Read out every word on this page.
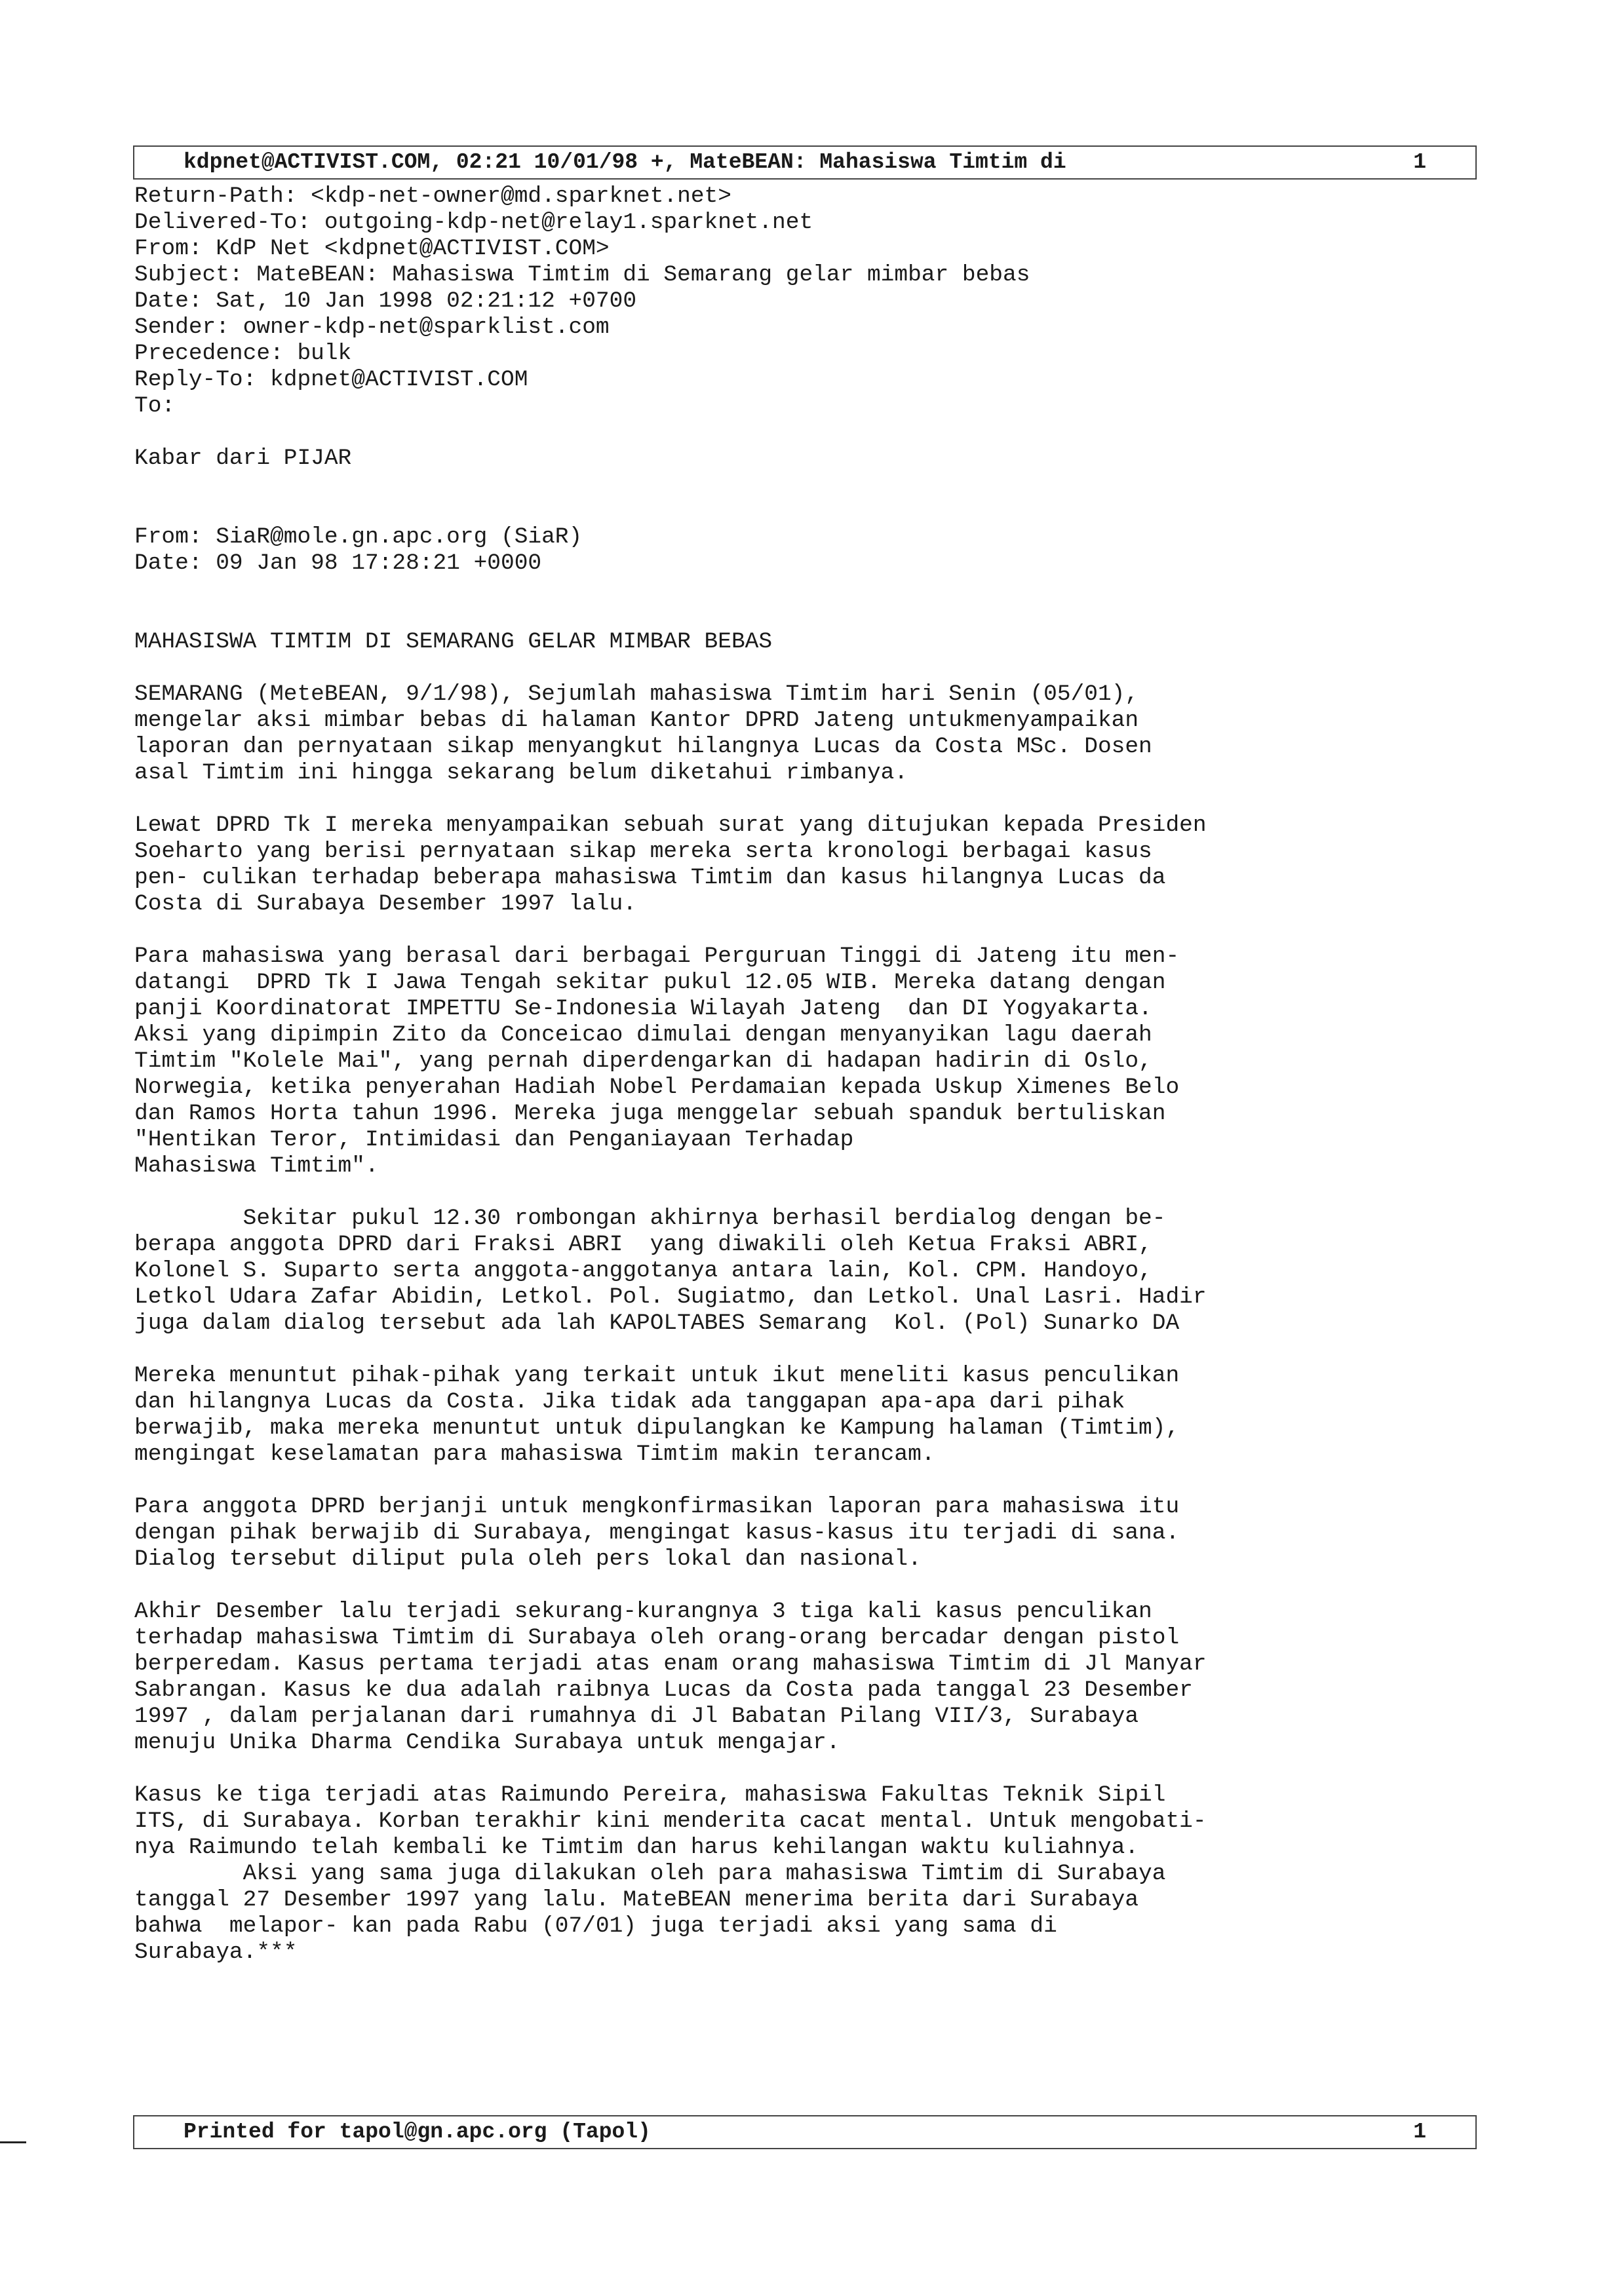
kdpnet@ACTIVIST.COM, 02:21 10/01/98 +, MateBEAN: Mahasiswa Timtim di	1
Return-Path: <kdp-net-owner@md.sparknet.net>
Delivered-To: outgoing-kdp-net@relay1.sparknet.net
From: KdP Net <kdpnet@ACTIVIST.COM>
Subject: MateBEAN: Mahasiswa Timtim di Semarang gelar mimbar bebas
Date: Sat, 10 Jan 1998 02:21:12 +0700
Sender: owner-kdp-net@sparklist.com
Precedence: bulk
Reply-To: kdpnet@ACTIVIST.COM
To:
Kabar dari PIJAR
From: SiaR@mole.gn.apc.org (SiaR)
Date: 09 Jan 98 17:28:21 +0000
MAHASISWA TIMTIM DI SEMARANG GELAR MIMBAR BEBAS
SEMARANG (MeteBEAN, 9/1/98), Sejumlah mahasiswa Timtim hari Senin (05/01),
mengelar aksi mimbar bebas di halaman Kantor DPRD Jateng untukmenyampaikan
laporan dan pernyataan sikap menyangkut hilangnya Lucas da Costa MSc. Dosen
asal Timtim ini hingga sekarang belum diketahui rimbanya.
Lewat DPRD Tk I mereka menyampaikan sebuah surat yang ditujukan kepada Presiden
Soeharto yang berisi pernyataan sikap mereka serta kronologi berbagai kasus
pen- culikan terhadap beberapa mahasiswa Timtim dan kasus hilangnya Lucas da
Costa di Surabaya Desember 1997 lalu.
Para mahasiswa yang berasal dari berbagai Perguruan Tinggi di Jateng itu men-
datangi  DPRD Tk I Jawa Tengah sekitar pukul 12.05 WIB. Mereka datang dengan
panji Koordinatorat IMPETTU Se-Indonesia Wilayah Jateng  dan DI Yogyakarta.
Aksi yang dipimpin Zito da Conceicao dimulai dengan menyanyikan lagu daerah
Timtim "Kolele Mai", yang pernah diperdengarkan di hadapan hadirin di Oslo,
Norwegia, ketika penyerahan Hadiah Nobel Perdamaian kepada Uskup Ximenes Belo
dan Ramos Horta tahun 1996. Mereka juga menggelar sebuah spanduk bertuliskan
"Hentikan Teror, Intimidasi dan Penganiayaan Terhadap
Mahasiswa Timtim".
Sekitar pukul 12.30 rombongan akhirnya berhasil berdialog dengan be-
berapa anggota DPRD dari Fraksi ABRI  yang diwakili oleh Ketua Fraksi ABRI,
Kolonel S. Suparto serta anggota-anggotanya antara lain, Kol. CPM. Handoyo,
Letkol Udara Zafar Abidin, Letkol. Pol. Sugiatmo, dan Letkol. Unal Lasri. Hadir
juga dalam dialog tersebut ada lah KAPOLTABES Semarang  Kol. (Pol) Sunarko DA
Mereka menuntut pihak-pihak yang terkait untuk ikut meneliti kasus penculikan
dan hilangnya Lucas da Costa. Jika tidak ada tanggapan apa-apa dari pihak
berwajib, maka mereka menuntut untuk dipulangkan ke Kampung halaman (Timtim),
mengingat keselamatan para mahasiswa Timtim makin terancam.
Para anggota DPRD berjanji untuk mengkonfirmasikan laporan para mahasiswa itu
dengan pihak berwajib di Surabaya, mengingat kasus-kasus itu terjadi di sana.
Dialog tersebut diliput pula oleh pers lokal dan nasional.
Akhir Desember lalu terjadi sekurang-kurangnya 3 tiga kali kasus penculikan
terhadap mahasiswa Timtim di Surabaya oleh orang-orang bercadar dengan pistol
berperedam. Kasus pertama terjadi atas enam orang mahasiswa Timtim di Jl Manyar
Sabrangan. Kasus ke dua adalah raibnya Lucas da Costa pada tanggal 23 Desember
1997 , dalam perjalanan dari rumahnya di Jl Babatan Pilang VII/3, Surabaya
menuju Unika Dharma Cendika Surabaya untuk mengajar.
Kasus ke tiga terjadi atas Raimundo Pereira, mahasiswa Fakultas Teknik Sipil
ITS, di Surabaya. Korban terakhir kini menderita cacat mental. Untuk mengobati-
nya Raimundo telah kembali ke Timtim dan harus kehilangan waktu kuliahnya.
Aksi yang sama juga dilakukan oleh para mahasiswa Timtim di Surabaya
tanggal 27 Desember 1997 yang lalu. MateBEAN menerima berita dari Surabaya
bahwa  melapor- kan pada Rabu (07/01) juga terjadi aksi yang sama di
Surabaya.***
Printed for tapol@gn.apc.org (Tapol)	1
